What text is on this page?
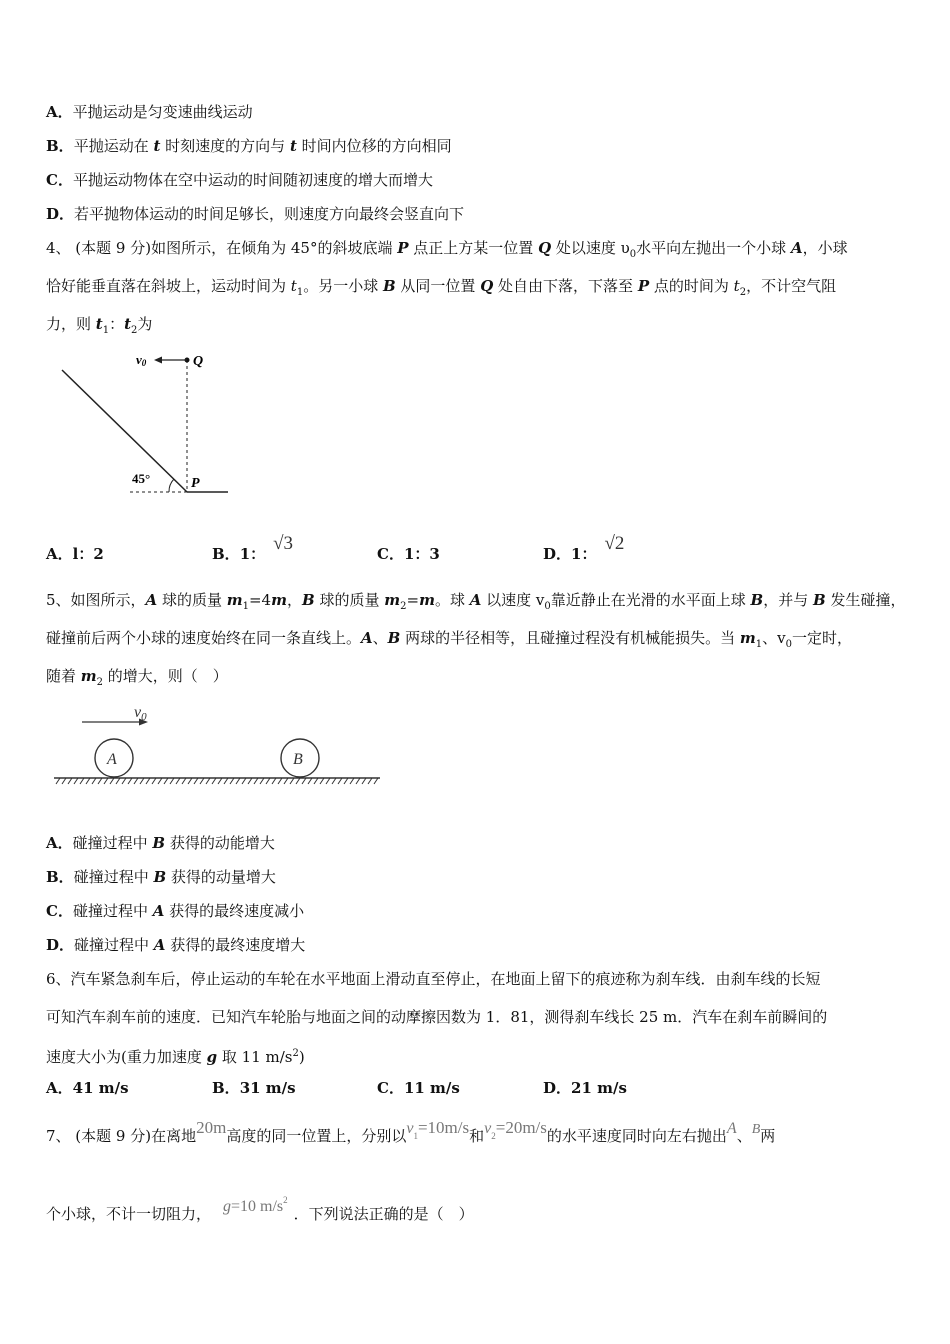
A．平抛运动是匀变速曲线运动
B．平抛运动在 t 时刻速度的方向与 t 时间内位移的方向相同
C．平抛运动物体在空中运动的时间随初速度的增大而增大
D．若平抛物体运动的时间足够长，则速度方向最终会竖直向下
4、 (本题 9 分)如图所示，在倾角为 45°的斜坡底端 P 点正上方某一位置 Q 处以速度 $\upsilon_0$水平向左抛出一个小球 A，小球
恰好能垂直落在斜坡上，运动时间为 $t_1$。另一小球 B 从同一位置 Q 处自由下落，下落至 P 点的时间为 $t_2$，不计空气阻
力，则 $t_1$：$t_2$为
v0	Q
P
45°
A．l：2	B．1： √3	C．1：3	D．1： √2
5、如图所示，A 球的质量 $m_1=4m$，B 球的质量 $m_2=m$。球 A 以速度 $v_0$靠近静止在光滑的水平面上球 B，并与 B 发生碰撞，
碰撞前后两个小球的速度始终在同一条直线上。A、B 两球的半径相等，且碰撞过程没有机械能损失。当 $m_1$、$v_0$一定时，
随着 $m_2$ 的增大，则（　）
v0
A	B
A．碰撞过程中 B 获得的动能增大
B．碰撞过程中 B 获得的动量增大
C．碰撞过程中 A 获得的最终速度减小
D．碰撞过程中 A 获得的最终速度增大
6、汽车紧急刹车后，停止运动的车轮在水平地面上滑动直至停止，在地面上留下的痕迹称为刹车线．由刹车线的长短
可知汽车刹车前的速度．已知汽车轮胎与地面之间的动摩擦因数为 1．81，测得刹车线长 25 m．汽车在刹车前瞬间的
速度大小为(重力加速度 g 取 11 $m/s^2$)
A．41 m/s	B．31 m/s	C．11 m/s	D．21 m/s
7、 (本题 9 分)在离地20m高度的同一位置上，分别以$v_1=10m/s$和$v_2=20m/s$的水平速度同时向左右抛出A、B两
个小球，不计一切阻力， g=10 $m/s^2$．下列说法正确的是（　）
